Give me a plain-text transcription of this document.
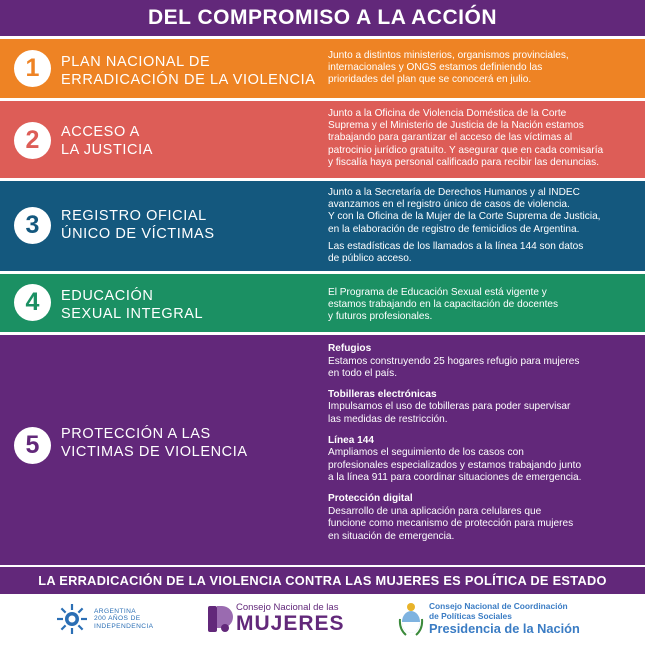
DEL COMPROMISO A LA ACCIÓN
1	PLAN NACIONAL DE
ERRADICACIÓN DE LA VIOLENCIA

Junto a distintos ministerios, organismos provinciales,

internacionales y ONGS estamos definiendo las

prioridades del plan que se conocerá en julio.

2	ACCESO A
LA JUSTICIA

Junto a la Oficina de Violencia Doméstica de la Corte

Suprema y el Ministerio de Justicia de la Nación estamos

trabajando para garantizar el acceso de las víctimas al

patrocinio jurídico gratuito. Y asegurar que en cada comisaría

y fiscalía haya personal calificado para recibir las denuncias.

3	REGISTRO OFICIAL
ÚNICO DE VÍCTIMAS

Junto a la Secretaría de Derechos Humanos y al INDEC

avanzamos en el registro único de casos de violencia.

Y con la Oficina de la Mujer de la Corte Suprema de Justicia,

en la elaboración de registro de femicidios de Argentina.

Las estadísticas de los llamados a la línea 144 son datos

de público acceso.

4	EDUCACIÓN
SEXUAL INTEGRAL

El Programa de Educación Sexual está vigente y

estamos trabajando en la capacitación de docentes

y futuros profesionales.

5	PROTECCIÓN A LAS
VICTIMAS DE VIOLENCIA
Refugios
Estamos construyendo 25 hogares refugio para mujeres
en todo el país.
Tobilleras electrónicas
Impulsamos el uso de tobilleras para poder supervisar
las medidas de restricción.
Línea 144
Ampliamos el seguimiento de los casos con
profesionales especializados y estamos trabajando junto
a la línea 911 para coordinar situaciones de emergencia.
Protección digital
Desarrollo de una aplicación para celulares que
funcione como mecanismo de protección para mujeres
en situación de emergencia.
LA ERRADICACIÓN DE LA VIOLENCIA CONTRA LAS MUJERES ES POLÍTICA DE ESTADO
ARGENTINA
200 AÑOS DE
INDEPENDENCIA
Consejo Nacional de las
MUJERES
Consejo Nacional de Coordinación
de Políticas Sociales
Presidencia de la Nación
